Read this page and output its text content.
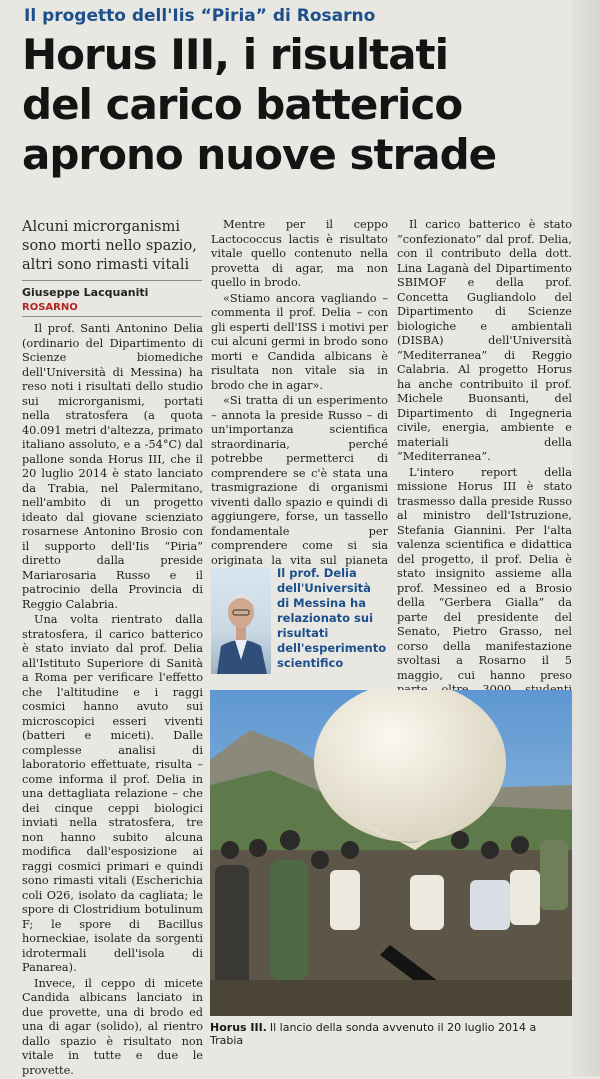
Il progetto dell'Iis “Piria” di Rosarno
Horus III, i risultati
del carico batterico
aprono nuove strade
Alcuni microrganismi sono morti nello spazio, altri sono rimasti vitali
Giuseppe Lacquaniti
ROSARNO

Il prof. Santi Antonino Delia (ordinario del Dipartimento di Scienze biomediche dell'Università di Messina) ha reso noti i risultati dello studio sui microrganismi, portati nella stratosfera (a quota 40.091 metri d'altezza, primato italiano assoluto, e a -54°C) dal pallone sonda Horus III, che il 20 luglio 2014 è stato lanciato da Trabia, nel Palermitano, nell'ambito di un progetto ideato dal giovane scienziato rosarnese Antonino Brosio con il supporto dell'Iis “Piria” diretto dalla preside Mariarosaria Russo e il patrocinio della Provincia di Reggio Calabria.

Una volta rientrato dalla stratosfera, il carico batterico è stato inviato dal prof. Delia all'Istituto Superiore di Sanità a Roma per verificare l'effetto che l'altitudine e i raggi cosmici hanno avuto sui microscopici esseri viventi (batteri e miceti). Dalle complesse analisi di laboratorio effettuate, risulta – come informa il prof. Delia in una dettagliata relazione – che dei cinque ceppi biologici inviati nella stratosfera, tre non hanno subito alcuna modifica dall'esposizione ai raggi cosmici primari e quindi sono rimasti vitali (Escherichia coli O26, isolato da cagliata; le spore di Clostridium botulinum F; le spore di Bacillus horneckiae, isolate da sorgenti idrotermali dell'isola di Panarea).

Invece, il ceppo di micete Candida albicans lanciato in due provette, una di brodo ed una di agar (solido), al rientro dallo spazio è risultato non vitale in tutte e due le provette.

Mentre per il ceppo Lactococcus lactis è risultato vitale quello contenuto nella provetta di agar, ma non quello in brodo.

«Stiamo ancora vagliando – commenta il prof. Delia – con gli esperti dell'ISS i motivi per cui alcuni germi in brodo sono morti e Candida albicans è risultata non vitale sia in brodo che in agar».

«Si tratta di un esperimento – annota la preside Russo – di un'importanza scientifica straordinaria, perché potrebbe permetterci di comprendere se c'è stata una trasmigrazione di organismi viventi dallo spazio e quindi di aggiungere, forse, un tassello fondamentale per comprendere come si sia originata la vita sul pianeta

Il prof. Delia dell'Università di Messina ha relazionato sui risultati dell'esperimento scientifico

Il carico batterico è stato “confezionato” dal prof. Delia, con il contributo della dott. Lina Laganà del Dipartimento SBIMOF e della prof. Concetta Gugliandolo del Dipartimento di Scienze biologiche e ambientali (DISBA) dell'Università “Mediterranea” di Reggio Calabria. Al progetto Horus ha anche contribuito il prof. Michele Buonsanti, del Dipartimento di Ingegneria civile, energia, ambiente e materiali della “Mediterranea”.

L'intero report della missione Horus III è stato trasmesso dalla preside Russo al ministro dell'Istruzione, Stefania Giannini. Per l'alta valenza scientifica e didattica del progetto, il prof. Delia è stato insignito assieme alla prof. Messineo ed a Brosio della “Gerbera Gialla” da parte del presidente del Senato, Pietro Grasso, nel corso della manifestazione svoltasi a Rosarno il 5 maggio, cui hanno preso

Horus III. Il lancio della sonda avvenuto il 20 luglio 2014 a Trabia
